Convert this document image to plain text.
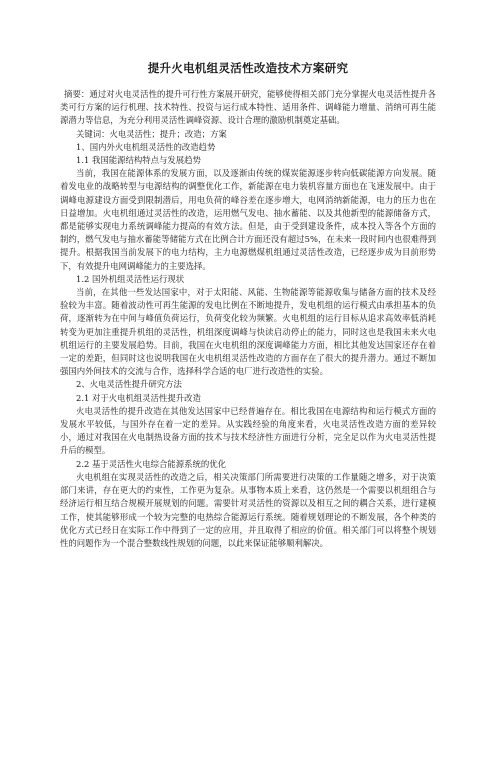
提升火电机组灵活性改造技术方案研究

摘要：通过对火电灵活性的提升可行性方案展开研究，能够使得相关部门充分掌握火电灵活性提升各类可行方案的运行机理、技术特性、投资与运行成本特性、适用条件、调峰能力增量、消纳可再生能源潜力等信息，为充分利用灵活性调峰资源、设计合理的激励机制奠定基础。

关键词：火电灵活性；提升；改造；方案

1、国内外火电机组灵活性的改造趋势

1.1 我国能源结构特点与发展趋势

当前，我国在能源体系的发展方面，以及逐渐由传统的煤炭能源逐步转向低碳能源方向发展。随着发电业的战略转型与电源结构的调整优化工作，新能源在电力装机容量方面也在飞速发展中。由于调峰电源建设方面受到限制潜后，用电负荷的峰谷差在逐步增大，电网消纳新能源，电力的压力也在日益增加。火电机组通过灵活性的改造，运用燃气发电、抽水蓄能、以及其他新型的能源储备方式，都是能够实现电力系统调峰能力提高的有效方法。但是，由于受到建设条件，成本投入等各个方面的制约，燃气发电与抽水蓄能等储能方式在比例合计方面还没有超过5%，在未来一段时间内也很难得到提升。根据我国当前发展下的电力结构，主力电源燃煤机组通过灵活性改造，已经逐步成为目前形势下，有效提升电网调峰能力的主要选择。

1.2 国外机组灵活性运行现状

当前，在其他一些发达国家中，对于太阳能、风能、生物能源等能源收集与储备方面的技术及经验较为丰富。随着波动性可再生能源的发电比例在不断地提升，发电机组的运行模式由承担基本的负荷，逐渐转为在中间与峰值负荷运行，负荷变化较为频繁。火电机组的运行目标从追求高效率低消耗转变为更加注重提升机组的灵活性，机组深度调峰与快读启动停止的能力，同时这也是我国未来火电机组运行的主要发展趋势。目前，我国在火电机组的深度调峰能力方面，相比其他发达国家还存在着一定的差距，但同时这也说明我国在火电机组灵活性改造的方面存在了很大的提升潜力。通过不断加强国内外间技术的交流与合作，选择科学合适的电厂进行改造性的实验。

2、火电灵活性提升研究方法

2.1 对于火电机组灵活性提升改造

火电灵活性的提升改造在其他发达国家中已经普遍存在。相比我国在电源结构和运行模式方面的发展水平较低，与国外存在着一定的差异。从实践经验的角度来看，火电灵活性改造方面的差异较小，通过对我国在火电制热设备方面的技术与技术经济性方面进行分析，完全足以作为火电灵活性提升后的模型。

2.2 基于灵活性火电综合能源系统的优化

火电机组在实现灵活性的改造之后，相关决策部门所需要进行决策的工作量随之增多，对于决策部门来讲，存在更大的约束性，工作更为复杂。从事物本质上来看，这仍然是一个需要以机组组合与经济运行相互结合规模开展规划的问题。需要针对灵活性的资源以及相互之间的耦合关系，进行建模工作，使其能够形成一个较为完整的电热综合能源运行系统。随着规划理论的不断发展，各个种类的优化方式已经日在实际工作中得到了一定的应用，并且取得了相应的价值。相关部门可以将整个规划性的问题作为一个混合整数线性规划的问题，以此来保证能够顺利解决。
